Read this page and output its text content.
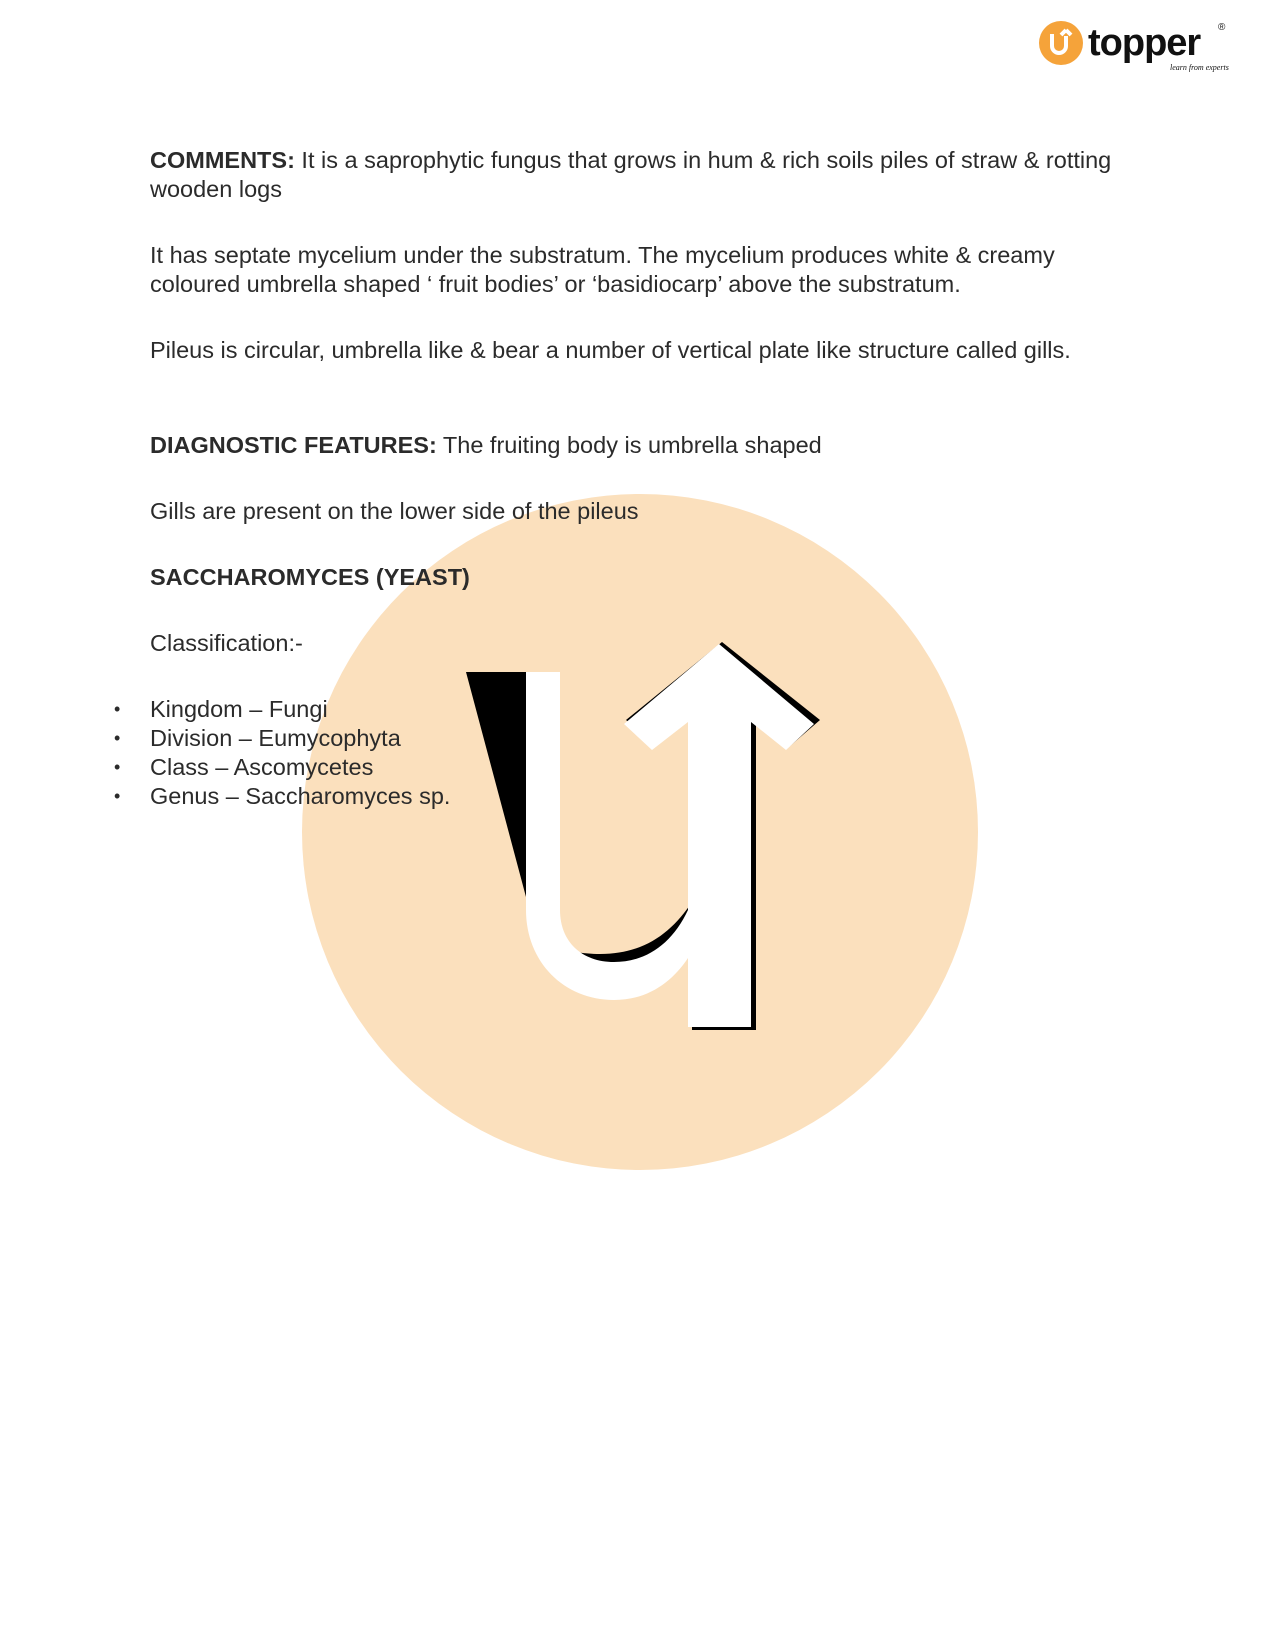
topper ®
learn from experts

COMMENTS: It is a saprophytic fungus that grows in hum & rich soils piles of straw & rotting wooden logs

It has septate mycelium under the substratum. The mycelium produces white & creamy coloured umbrella shaped ‘ fruit bodies’ or ‘basidiocarp’ above the substratum.

Pileus is circular, umbrella like & bear a number of vertical plate like structure called gills.

DIAGNOSTIC FEATURES: The fruiting body is umbrella shaped

Gills are present on the lower side of the pileus

SACCHAROMYCES (YEAST)

Classification:-

• Kingdom – Fungi
• Division – Eumycophyta
• Class – Ascomycetes
• Genus – Saccharomyces sp.
